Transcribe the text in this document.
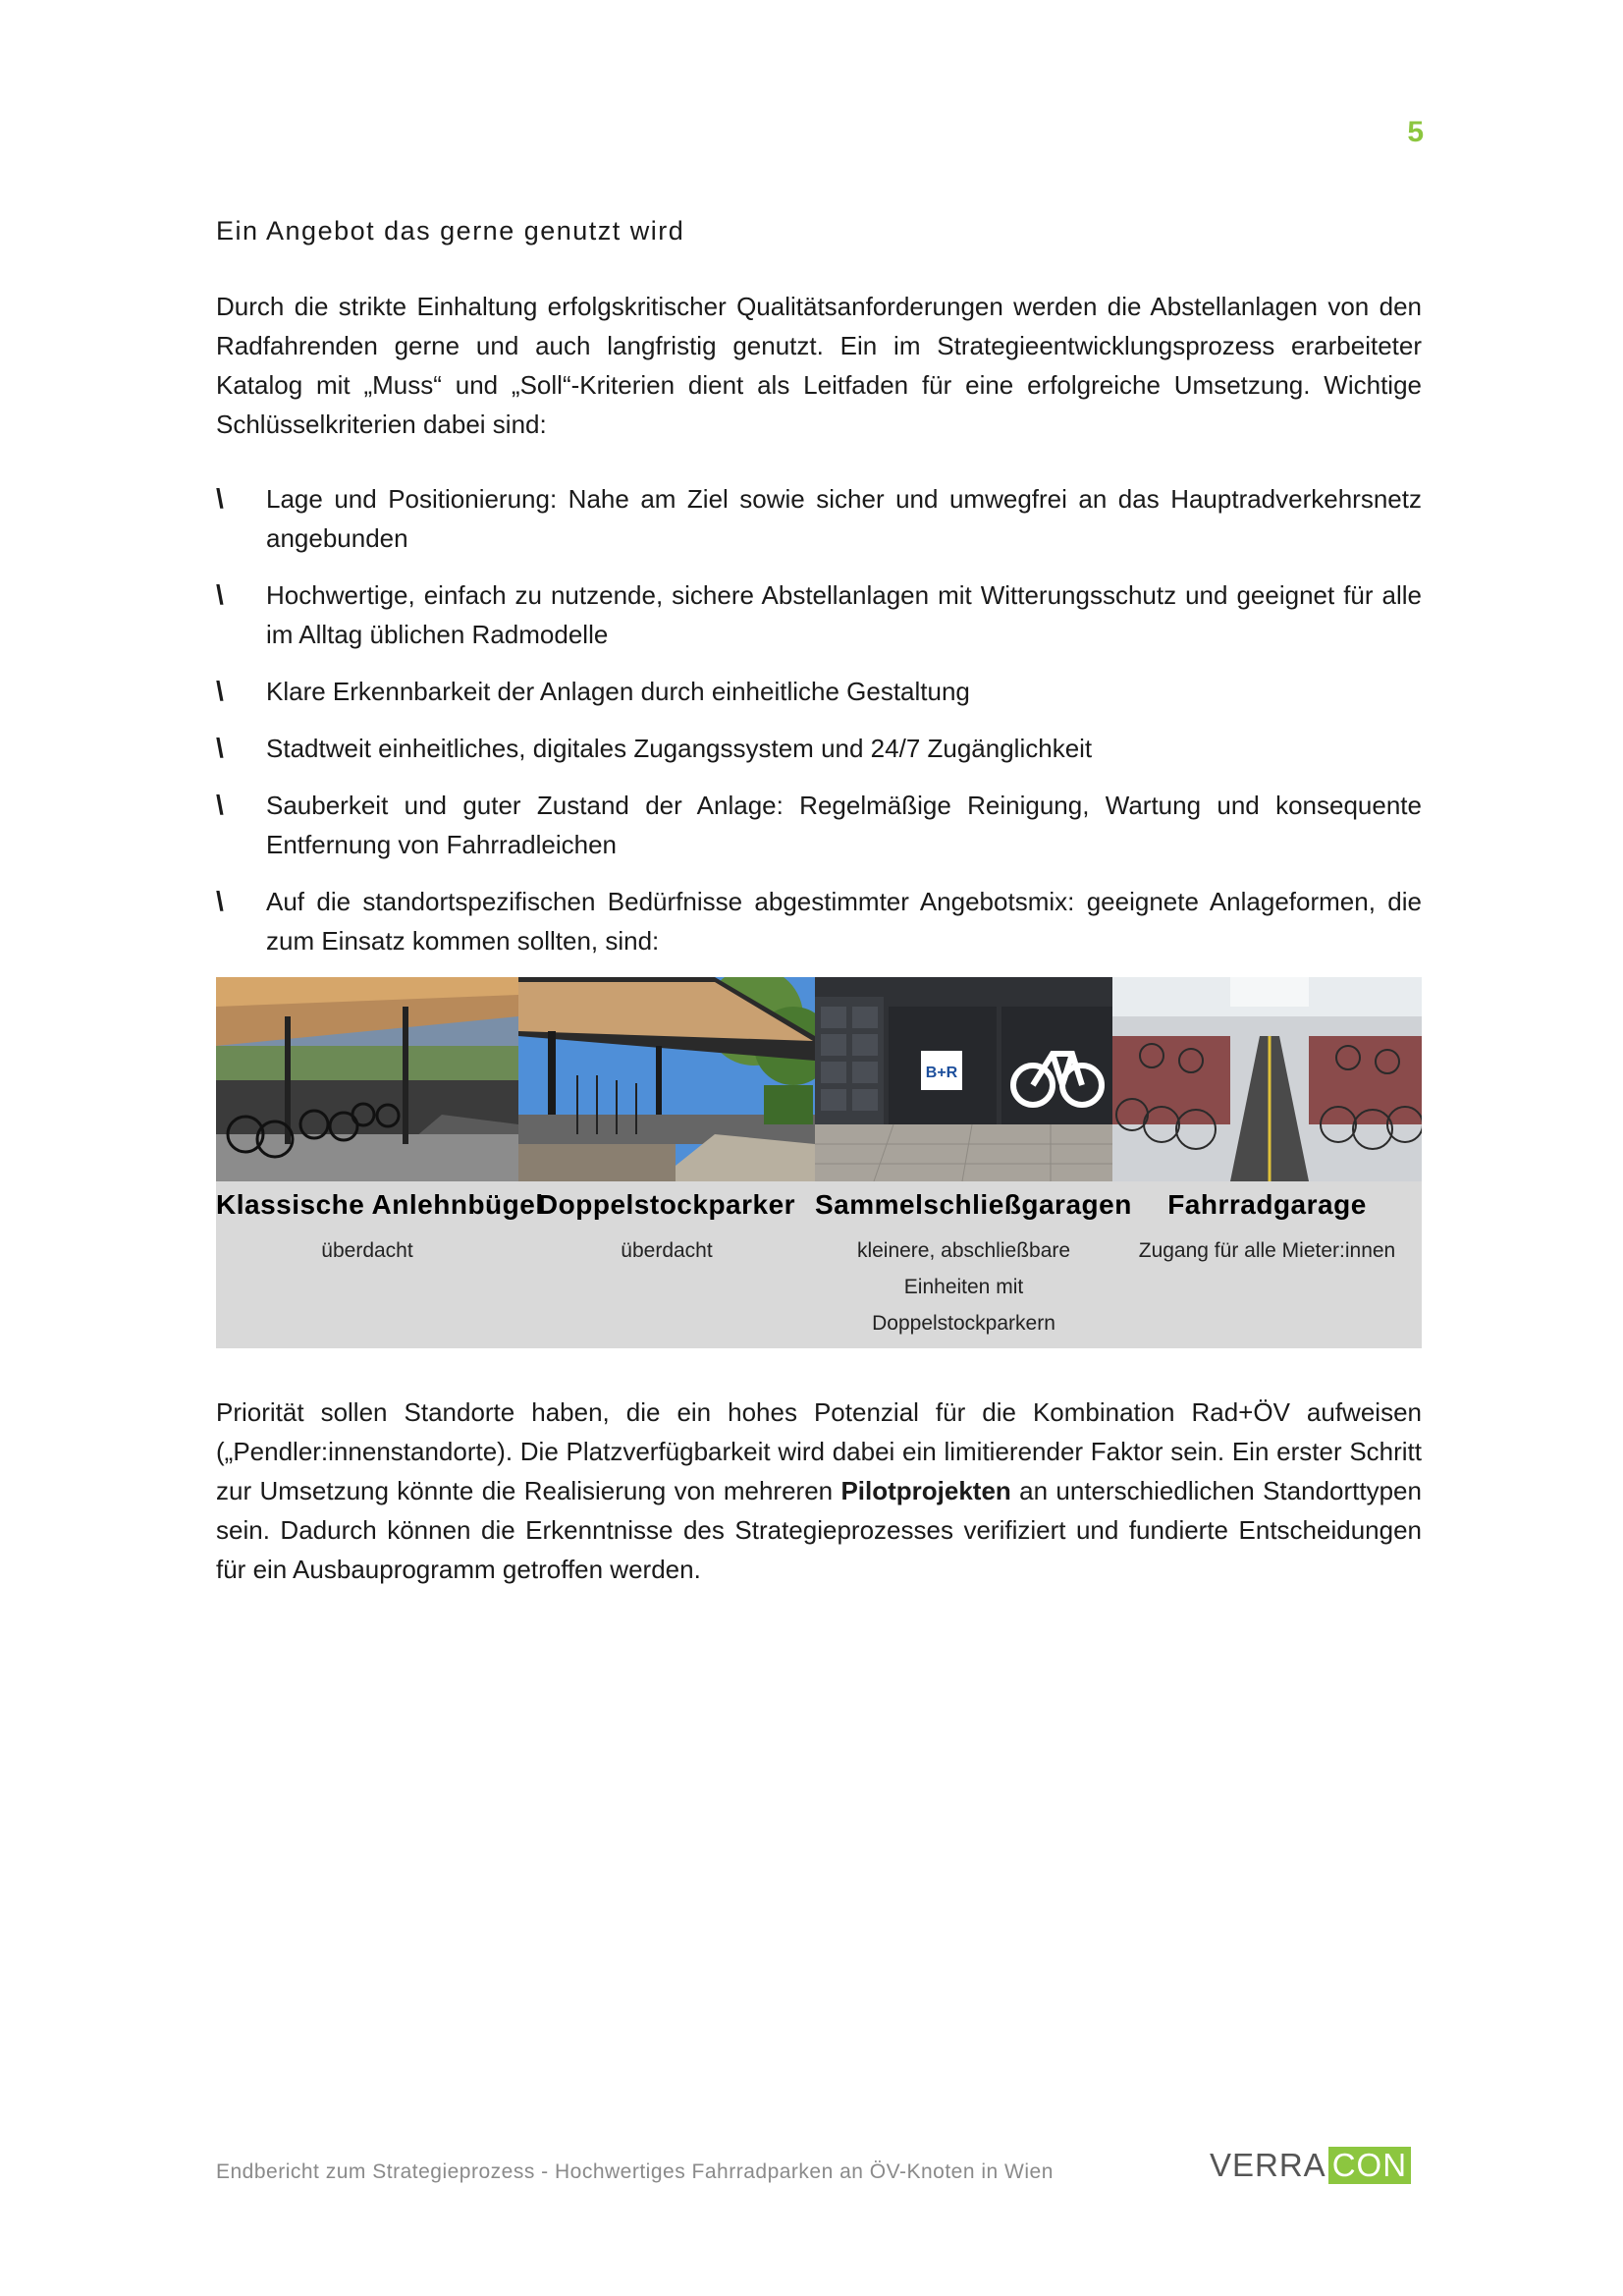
5
Ein Angebot das gerne genutzt wird
Durch die strikte Einhaltung erfolgskritischer Qualitätsanforderungen werden die Abstellanlagen von den Radfahrenden gerne und auch langfristig genutzt. Ein im Strategieentwicklungsprozess erarbeiteter Katalog mit „Muss“ und „Soll“-Kriterien dient als Leitfaden für eine erfolgreiche Umsetzung. Wichtige Schlüsselkriterien dabei sind:
\ Lage und Positionierung: Nahe am Ziel sowie sicher und umwegfrei an das Hauptradverkehrsnetz angebunden
\ Hochwertige, einfach zu nutzende, sichere Abstellanlagen mit Witterungsschutz und geeignet für alle im Alltag üblichen Radmodelle
\ Klare Erkennbarkeit der Anlagen durch einheitliche Gestaltung
\ Stadtweit einheitliches, digitales Zugangssystem und 24/7 Zugänglichkeit
\ Sauberkeit und guter Zustand der Anlage: Regelmäßige Reinigung, Wartung und konsequente Entfernung von Fahrradleichen
\ Auf die standortspezifischen Bedürfnisse abgestimmter Angebotsmix: geeignete Anlageformen, die zum Einsatz kommen sollten, sind:
B+R
Klassische Anlehnbügel
überdacht
Doppelstockparker
überdacht
Sammelschließgaragen
kleinere, abschließbare Einheiten mit Doppelstockparkern
Fahrradgarage
Zugang für alle Mieter:innen
Priorität sollen Standorte haben, die ein hohes Potenzial für die Kombination Rad+ÖV aufweisen („Pendler:innenstandorte). Die Platzverfügbarkeit wird dabei ein limitierender Faktor sein. Ein erster Schritt zur Umsetzung könnte die Realisierung von mehreren Pilotprojekten an unterschiedlichen Standorttypen sein. Dadurch können die Erkenntnisse des Strategieprozesses verifiziert und fundierte Entscheidungen für ein Ausbauprogramm getroffen werden.
Endbericht zum Strategieprozess - Hochwertiges Fahrradparken an ÖV-Knoten in Wien	VERRA CON
